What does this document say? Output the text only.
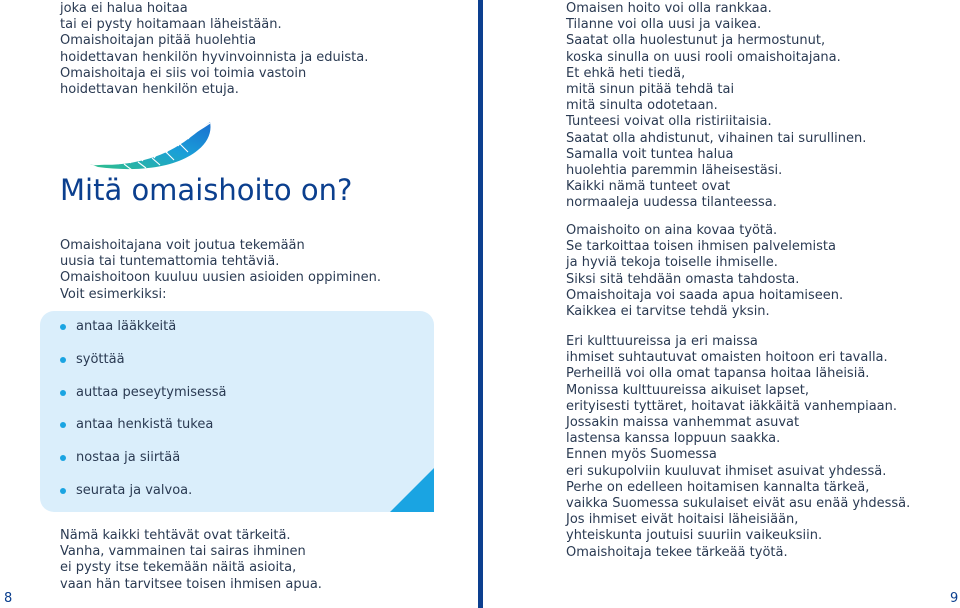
joka ei halua hoitaa
tai ei pysty hoitamaan läheistään.
Omaishoitajan pitää huolehtia
hoidettavan henkilön hyvinvoinnista ja eduista.
Omaishoitaja ei siis voi toimia vastoin
hoidettavan henkilön etuja.
Mitä omaishoito on?
Omaishoitajana voit joutua tekemään
uusia tai tuntemattomia tehtäviä.
Omaishoitoon kuuluu uusien asioiden oppiminen.
Voit esimerkiksi:
antaa lääkkeitä
syöttää
auttaa peseytymisessä
antaa henkistä tukea
nostaa ja siirtää
seurata ja valvoa.
Nämä kaikki tehtävät ovat tärkeitä.
Vanha, vammainen tai sairas ihminen
ei pysty itse tekemään näitä asioita,
vaan hän tarvitsee toisen ihmisen apua.
8
Omaisen hoito voi olla rankkaa.
Tilanne voi olla uusi ja vaikea.
Saatat olla huolestunut ja hermostunut,
koska sinulla on uusi rooli omaishoitajana.
Et ehkä heti tiedä,
mitä sinun pitää tehdä tai
mitä sinulta odotetaan.
Tunteesi voivat olla ristiriitaisia.
Saatat olla ahdistunut, vihainen tai surullinen.
Samalla voit tuntea halua
huolehtia paremmin läheisestäsi.
Kaikki nämä tunteet ovat
normaaleja uudessa tilanteessa.
Omaishoito on aina kovaa työtä.
Se tarkoittaa toisen ihmisen palvelemista
ja hyviä tekoja toiselle ihmiselle.
Siksi sitä tehdään omasta tahdosta.
Omaishoitaja voi saada apua hoitamiseen.
Kaikkea ei tarvitse tehdä yksin.
Eri kulttuureissa ja eri maissa
ihmiset suhtautuvat omaisten hoitoon eri tavalla.
Perheillä voi olla omat tapansa hoitaa läheisiä.
Monissa kulttuureissa aikuiset lapset,
erityisesti tyttäret, hoitavat iäkkäitä vanhempiaan.
Jossakin maissa vanhemmat asuvat
lastensa kanssa loppuun saakka.
Ennen myös Suomessa
eri sukupolviin kuuluvat ihmiset asuivat yhdessä.
Perhe on edelleen hoitamisen kannalta tärkeä,
vaikka Suomessa sukulaiset eivät asu enää yhdessä.
Jos ihmiset eivät hoitaisi läheisiään,
yhteiskunta joutuisi suuriin vaikeuksiin.
Omaishoitaja tekee tärkeää työtä.
9
